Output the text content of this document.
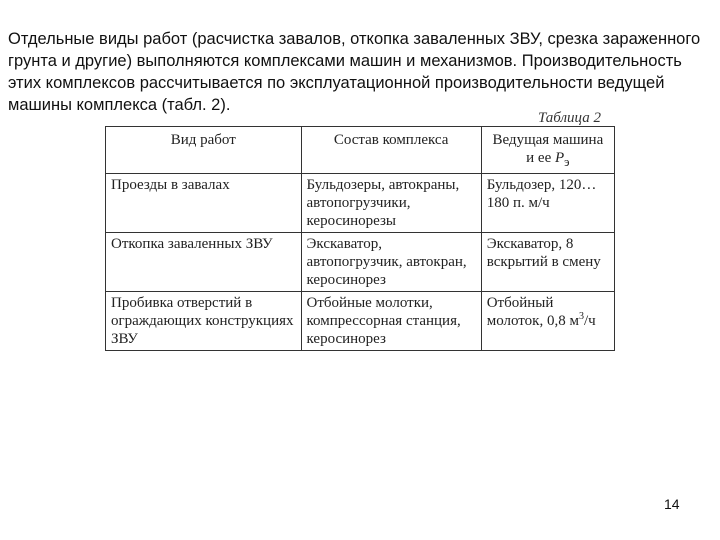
Отдельные виды работ (расчистка завалов, откопка заваленных ЗВУ, срезка зараженного грунта и другие) выполняются комплексами машин и механизмов. Производительность этих комплексов рассчитывается по эксплуатационной производительности ведущей машины комплекса (табл. 2).

Таблица 2
Вид работ	Состав комплекса	Ведущая машина и ее $Р_э$
Проезды в завалах	Бульдозеры, автокраны, автопогрузчики, керосинорезы	Бульдозер, 120…180 п. м/ч
Откопка заваленных ЗВУ	Экскаватор, автопогрузчик, автокран, керосинорез	Экскаватор, 8 вскрытий в смену
Пробивка отверстий в ограждающих конструкциях ЗВУ	Отбойные молотки, компрессорная станция, керосинорез	Отбойный молоток, 0,8 $м^3/ч$
14
